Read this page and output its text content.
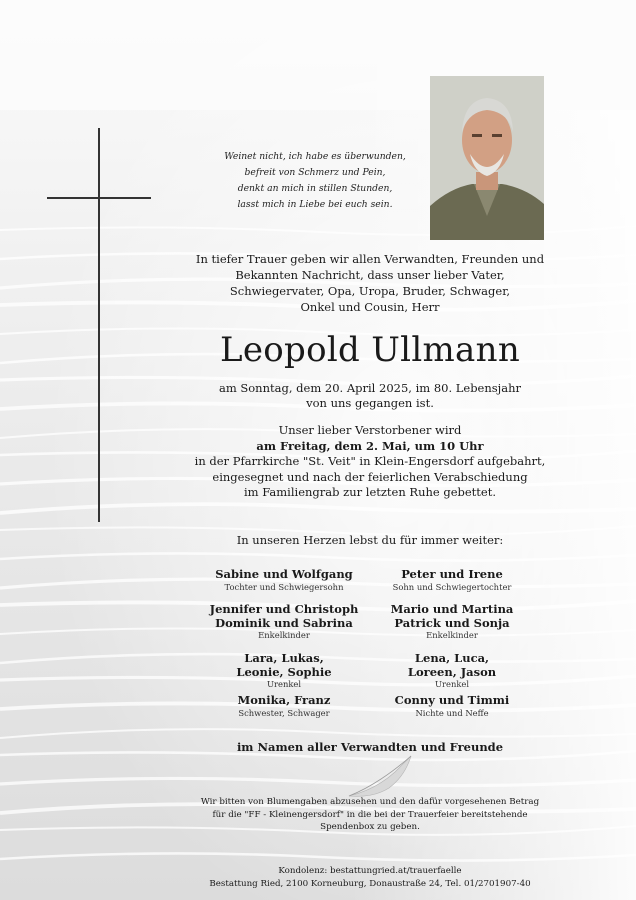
Weinet nicht, ich habe es überwunden,
befreit von Schmerz und Pein,
denkt an mich in stillen Stunden,
lasst mich in Liebe bei euch sein.
In tiefer Trauer geben wir allen Verwandten, Freunden und
Bekannten Nachricht, dass unser lieber Vater,
Schwiegervater, Opa, Uropa, Bruder, Schwager,
Onkel und Cousin, Herr
Leopold Ullmann
am Sonntag, dem 20. April 2025, im 80. Lebensjahr
von uns gegangen ist.
Unser lieber Verstorbener wird
am Freitag, dem 2. Mai, um 10 Uhr
in der Pfarrkirche "St. Veit" in Klein-Engersdorf aufgebahrt,
eingesegnet und nach der feierlichen Verabschiedung
im Familiengrab zur letzten Ruhe gebettet.
In unseren Herzen lebst du für immer weiter:
Sabine und Wolfgang
Tochter und Schwiegersohn
Peter und Irene
Sohn und Schwiegertochter
Jennifer und Christoph
Dominik und Sabrina
Enkelkinder
Mario und Martina
Patrick und Sonja
Enkelkinder
Lara, Lukas,
Leonie, Sophie
Urenkel
Lena, Luca,
Loreen, Jason
Urenkel
Monika, Franz
Schwester, Schwager
Conny und Timmi
Nichte und Neffe
im Namen aller Verwandten und Freunde
Wir bitten von Blumengaben abzusehen und den dafür vorgesehenen Betrag
für die "FF - Kleinengersdorf" in die bei der Trauerfeier bereitstehende
Spendenbox zu geben.
Kondolenz: bestattungried.at/trauerfaelle
Bestattung Ried, 2100 Korneuburg, Donaustraße 24, Tel. 01/2701907-40
